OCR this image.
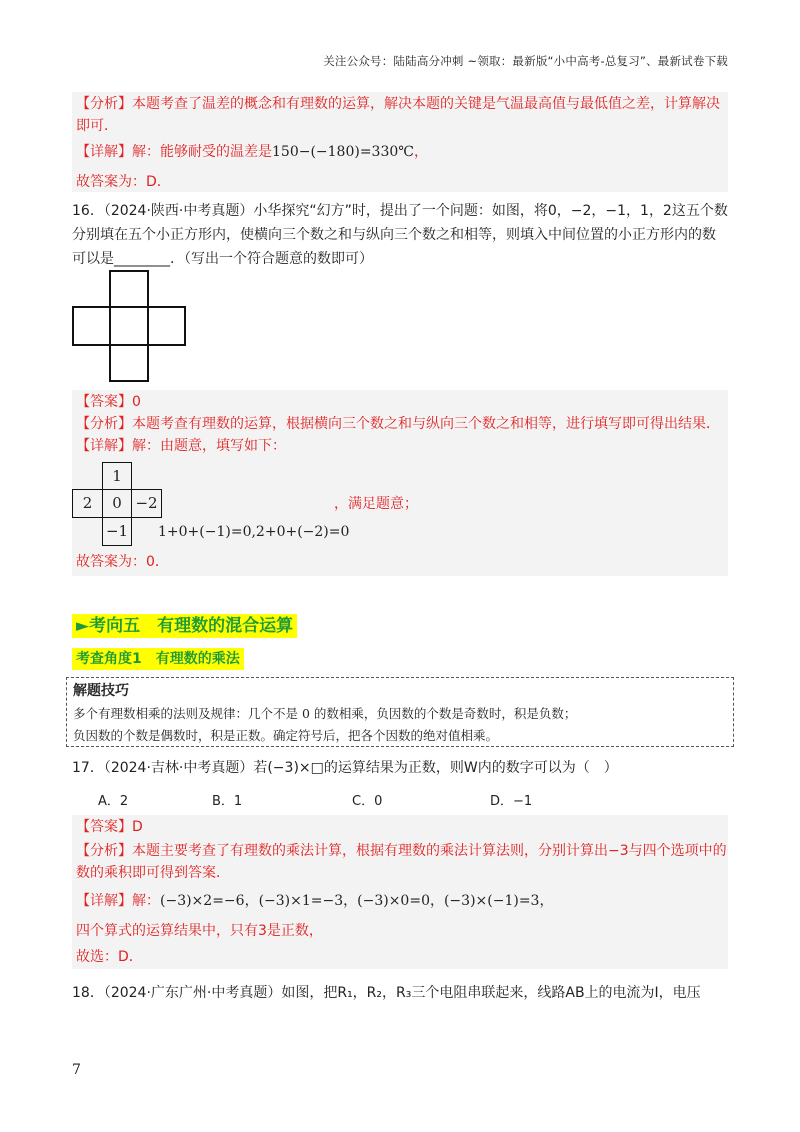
关注公众号：陆陆高分冲刺 ~领取：最新版“小中高考-总复习”、最新试卷下载
【分析】本题考查了温差的概念和有理数的运算，解决本题的关键是气温最高值与最低值之差，计算解决
即可．
【详解】解：能够耐受的温差是150−(−180)=330℃，
故答案为：D．
16．（2024·陕西·中考真题）小华探究“幻方”时，提出了一个问题：如图，将0，−2，−1，1，2这五个数
分别填在五个小正方形内，使横向三个数之和与纵向三个数之和相等，则填入中间位置的小正方形内的数
可以是________．（写出一个符合题意的数即可）
【答案】0
【分析】本题考查有理数的运算，根据横向三个数之和与纵向三个数之和相等，进行填写即可得出结果．
【详解】解：由题意，填写如下：
1
2	0 −2
−1
，满足题意；
1+0+(−1)=0,2+0+(−2)=0
故答案为：0．
►考向五　有理数的混合运算
考查角度1　有理数的乘法
解题技巧
多个有理数相乘的法则及规律：几个不是 0 的数相乘，负因数的个数是奇数时，积是负数；
负因数的个数是偶数时，积是正数。确定符号后，把各个因数的绝对值相乘。
17．（2024·吉林·中考真题）若(−3)×□的运算结果为正数，则W内的数字可以为（　）
A．2	B．1	C．0	D．−1
【答案】D
【分析】本题主要考查了有理数的乘法计算，根据有理数的乘法计算法则，分别计算出−3与四个选项中的
数的乘积即可得到答案．
【详解】解：(−3)×2=−6，(−3)×1=−3，(−3)×0=0，(−3)×(−1)=3，
四个算式的运算结果中，只有3是正数，
故选：D．
18．（2024·广东广州·中考真题）如图，把R₁，R₂，R₃三个电阻串联起来，线路AB上的电流为I，电压
7
